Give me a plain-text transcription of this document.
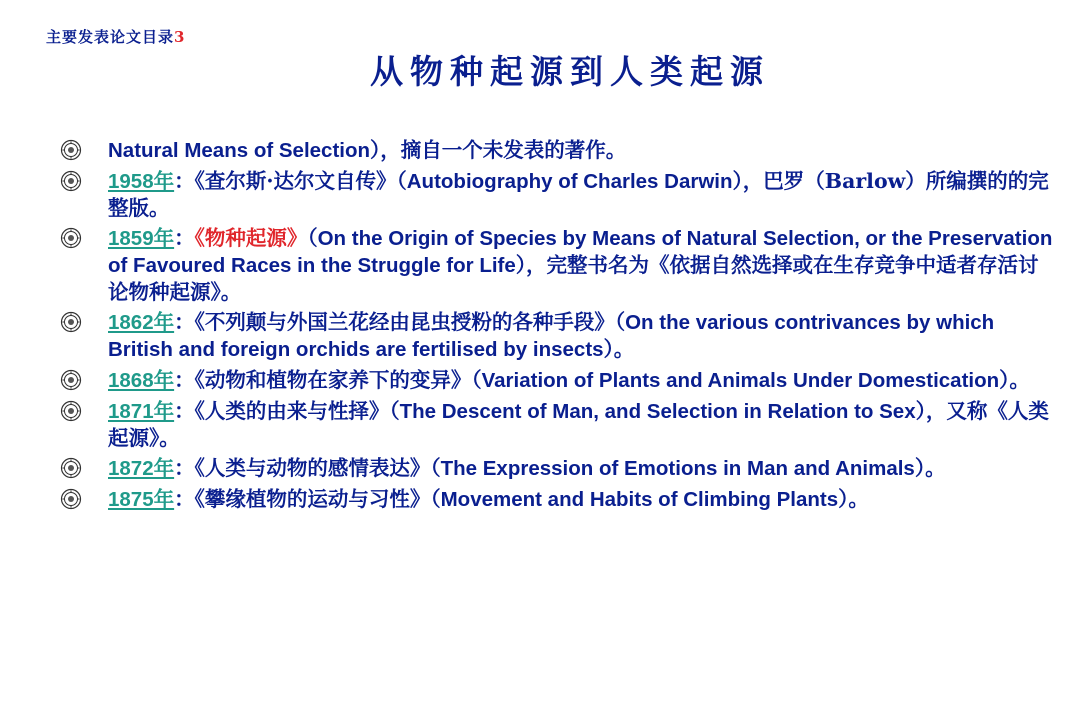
主要发表论文目录3
从物种起源到人类起源
Natural Means of Selection），摘自一个未发表的著作。
1958年：《查尔斯·达尔文自传》（Autobiography of Charles Darwin），巴罗（Barlow）所编撰的的完整版。
1859年：《物种起源》（On the Origin of Species by Means of Natural Selection, or the Preservation of Favoured Races in the Struggle for Life），完整书名为《依据自然选择或在生存竞争中适者存活讨论物种起源》。
1862年：《不列颠与外国兰花经由昆虫授粉的各种手段》（On the various contrivances by which British and foreign orchids are fertilised by insects）。
1868年：《动物和植物在家养下的变异》（Variation of Plants and Animals Under Domestication）。
1871年：《人类的由来与性择》（The Descent of Man, and Selection in Relation to Sex），又称《人类起源》。
1872年：《人类与动物的感情表达》（The Expression of Emotions in Man and Animals）。
1875年：《攀缘植物的运动与习性》（Movement and Habits of Climbing Plants）。
